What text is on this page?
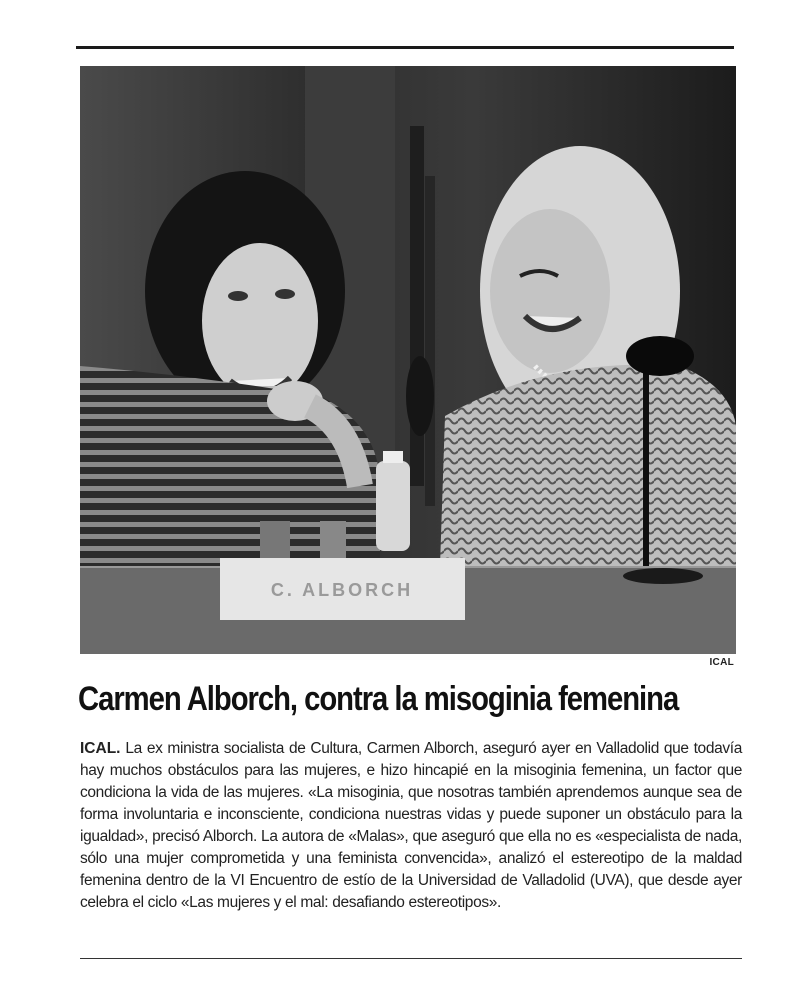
C. ALBORCH
ICAL
Carmen Alborch, contra la misoginia femenina

ICAL. La ex ministra socialista de Cultura, Carmen Alborch, aseguró ayer en Valladolid que todavía hay muchos obstáculos para las mujeres, e hizo hincapié en la misoginia femenina, un factor que condiciona la vida de las mujeres. «La misoginia, que nosotras también aprendemos aunque sea de forma involuntaria e inconsciente, condiciona nuestras vidas y puede suponer un obstáculo para la igualdad», precisó Alborch. La autora de «Malas», que aseguró que ella no es «especialista de nada, sólo una mujer comprometida y una feminista convencida», analizó el estereotipo de la maldad femenina dentro de la VI Encuentro de estío de la Universidad de Valladolid (UVA), que desde ayer celebra el ciclo «Las mujeres y el mal: desafiando estereotipos».
